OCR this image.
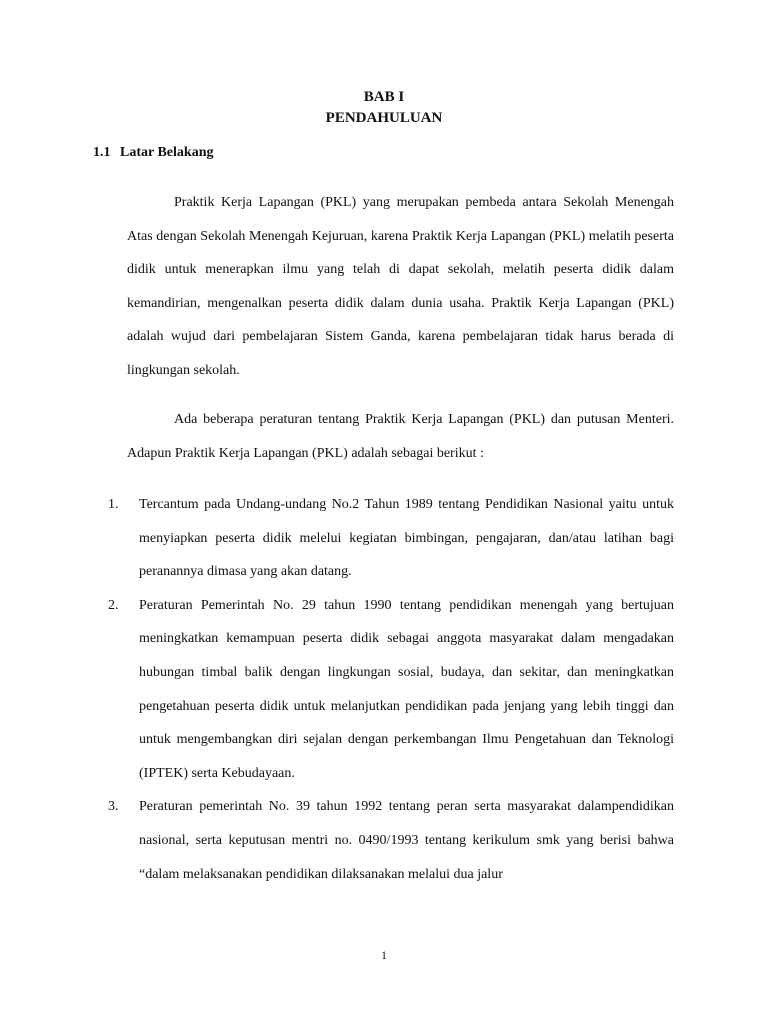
BAB I
PENDAHULUAN
1.1 Latar Belakang

Praktik Kerja Lapangan (PKL) yang merupakan pembeda antara Sekolah Menengah Atas dengan Sekolah Menengah Kejuruan, karena Praktik Kerja Lapangan (PKL) melatih peserta didik untuk menerapkan ilmu yang telah di dapat sekolah, melatih peserta didik dalam kemandirian, mengenalkan peserta didik dalam dunia usaha. Praktik Kerja Lapangan (PKL) adalah wujud dari pembelajaran Sistem Ganda, karena pembelajaran tidak harus berada di lingkungan sekolah.

Ada beberapa peraturan tentang Praktik Kerja Lapangan (PKL) dan putusan Menteri. Adapun Praktik Kerja Lapangan (PKL) adalah sebagai berikut :

1. Tercantum pada Undang-undang No.2 Tahun 1989 tentang Pendidikan Nasional yaitu untuk menyiapkan peserta didik melelui kegiatan bimbingan, pengajaran, dan/atau latihan bagi peranannya dimasa yang akan datang.

2. Peraturan Pemerintah No. 29 tahun 1990 tentang pendidikan menengah yang bertujuan meningkatkan kemampuan peserta didik sebagai anggota masyarakat dalam mengadakan hubungan timbal balik dengan lingkungan sosial, budaya, dan sekitar, dan meningkatkan pengetahuan peserta didik untuk melanjutkan pendidikan pada jenjang yang lebih tinggi dan untuk mengembangkan diri sejalan dengan perkembangan Ilmu Pengetahuan dan Teknologi (IPTEK) serta Kebudayaan.

3. Peraturan pemerintah No. 39 tahun 1992 tentang peran serta masyarakat dalampendidikan nasional, serta keputusan mentri no. 0490/1993 tentang kerikulum smk yang berisi bahwa “dalam melaksanakan pendidikan dilaksanakan melalui dua jalur

1
